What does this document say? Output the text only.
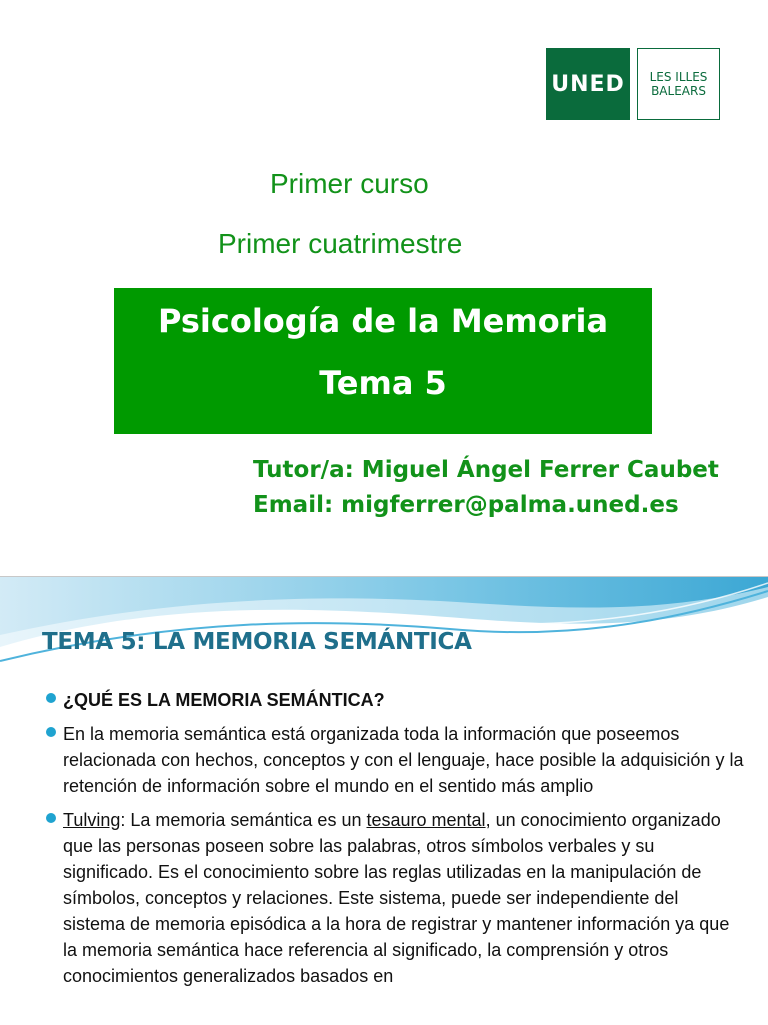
UNED LES ILLES
BALEARS
Primer curso
Primer cuatrimestre
Psicología de la Memoria
Tema 5
Tutor/a: Miguel Ángel Ferrer Caubet
Email: migferrer@palma.uned.es
TEMA 5: LA MEMORIA SEMÁNTICA
¿QUÉ ES LA MEMORIA SEMÁNTICA?
En la memoria semántica está organizada toda la información que poseemos relacionada con hechos, conceptos y con el lenguaje, hace posible la adquisición y la retención de información sobre el mundo en el sentido más amplio
Tulving: La memoria semántica es un tesauro mental, un conocimiento organizado que las personas poseen sobre las palabras, otros símbolos verbales y su significado. Es el conocimiento sobre las reglas utilizadas en la manipulación de símbolos, conceptos y relaciones. Este sistema, puede ser independiente del sistema de memoria episódica a la hora de registrar y mantener información ya que la memoria semántica hace referencia al significado, la comprensión y otros conocimientos generalizados basados en
